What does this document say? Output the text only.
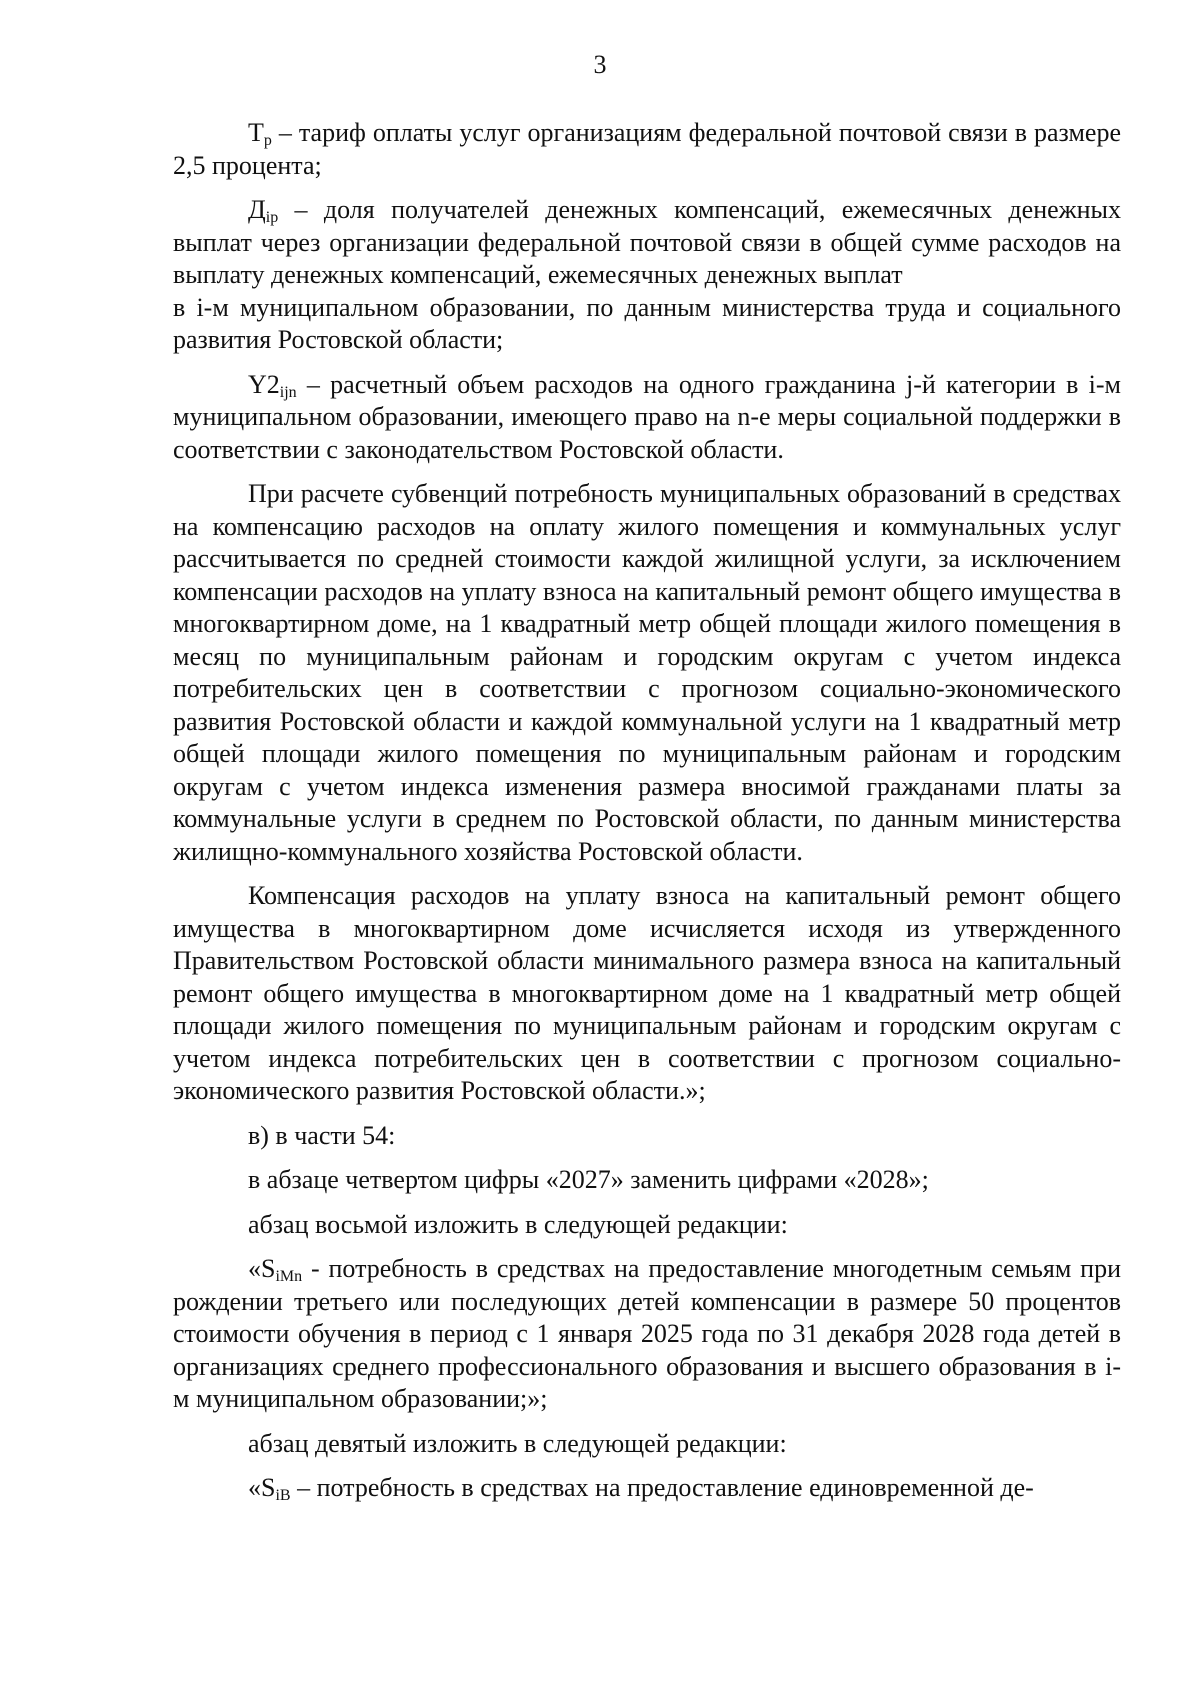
3

$Т_р$ – тариф оплаты услуг организациям федеральной почтовой связи в размере 2,5 процента;

$Д_{ip}$ – доля получателей денежных компенсаций, ежемесячных денежных выплат через организации федеральной почтовой связи в общей сумме расходов на выплату денежных компенсаций, ежемесячных денежных выплат

в i-м муниципальном образовании, по данным министерства труда и социального развития Ростовской области;

$Y2_{ijn}$ – расчетный объем расходов на одного гражданина j-й категории в i-м муниципальном образовании, имеющего право на n-е меры социальной поддержки в соответствии с законодательством Ростовской области.

При расчете субвенций потребность муниципальных образований в средствах на компенсацию расходов на оплату жилого помещения и коммунальных услуг рассчитывается по средней стоимости каждой жилищной услуги, за исключением компенсации расходов на уплату взноса на капитальный ремонт общего имущества в многоквартирном доме, на 1 квадратный метр общей площади жилого помещения в месяц по муниципальным районам и городским округам с учетом индекса потребительских цен в соответствии с прогнозом социально-экономического развития Ростовской области и каждой коммунальной услуги на 1 квадратный метр общей площади жилого помещения по муниципальным районам и городским округам с учетом индекса изменения размера вносимой гражданами платы за коммунальные услуги в среднем по Ростовской области, по данным министерства жилищно-коммунального хозяйства Ростовской области.

Компенсация расходов на уплату взноса на капитальный ремонт общего имущества в многоквартирном доме исчисляется исходя из утвержденного Правительством Ростовской области минимального размера взноса на капитальный ремонт общего имущества в многоквартирном доме на 1 квадратный метр общей площади жилого помещения по муниципальным районам и городским округам с учетом индекса потребительских цен в соответствии с прогнозом социально-экономического развития Ростовской области.»;

в) в части 54:

в абзаце четвертом цифры «2027» заменить цифрами «2028»;

абзац восьмой изложить в следующей редакции:

«$S_{iMn}$ - потребность в средствах на предоставление многодетным семьям при рождении третьего или последующих детей компенсации в размере 50 процентов стоимости обучения в период с 1 января 2025 года по 31 декабря 2028 года детей в организациях среднего профессионального образования и высшего образования в i-м муниципальном образовании;»;

абзац девятый изложить в следующей редакции:

«$S_{iB}$ – потребность в средствах на предоставление единовременной де-
